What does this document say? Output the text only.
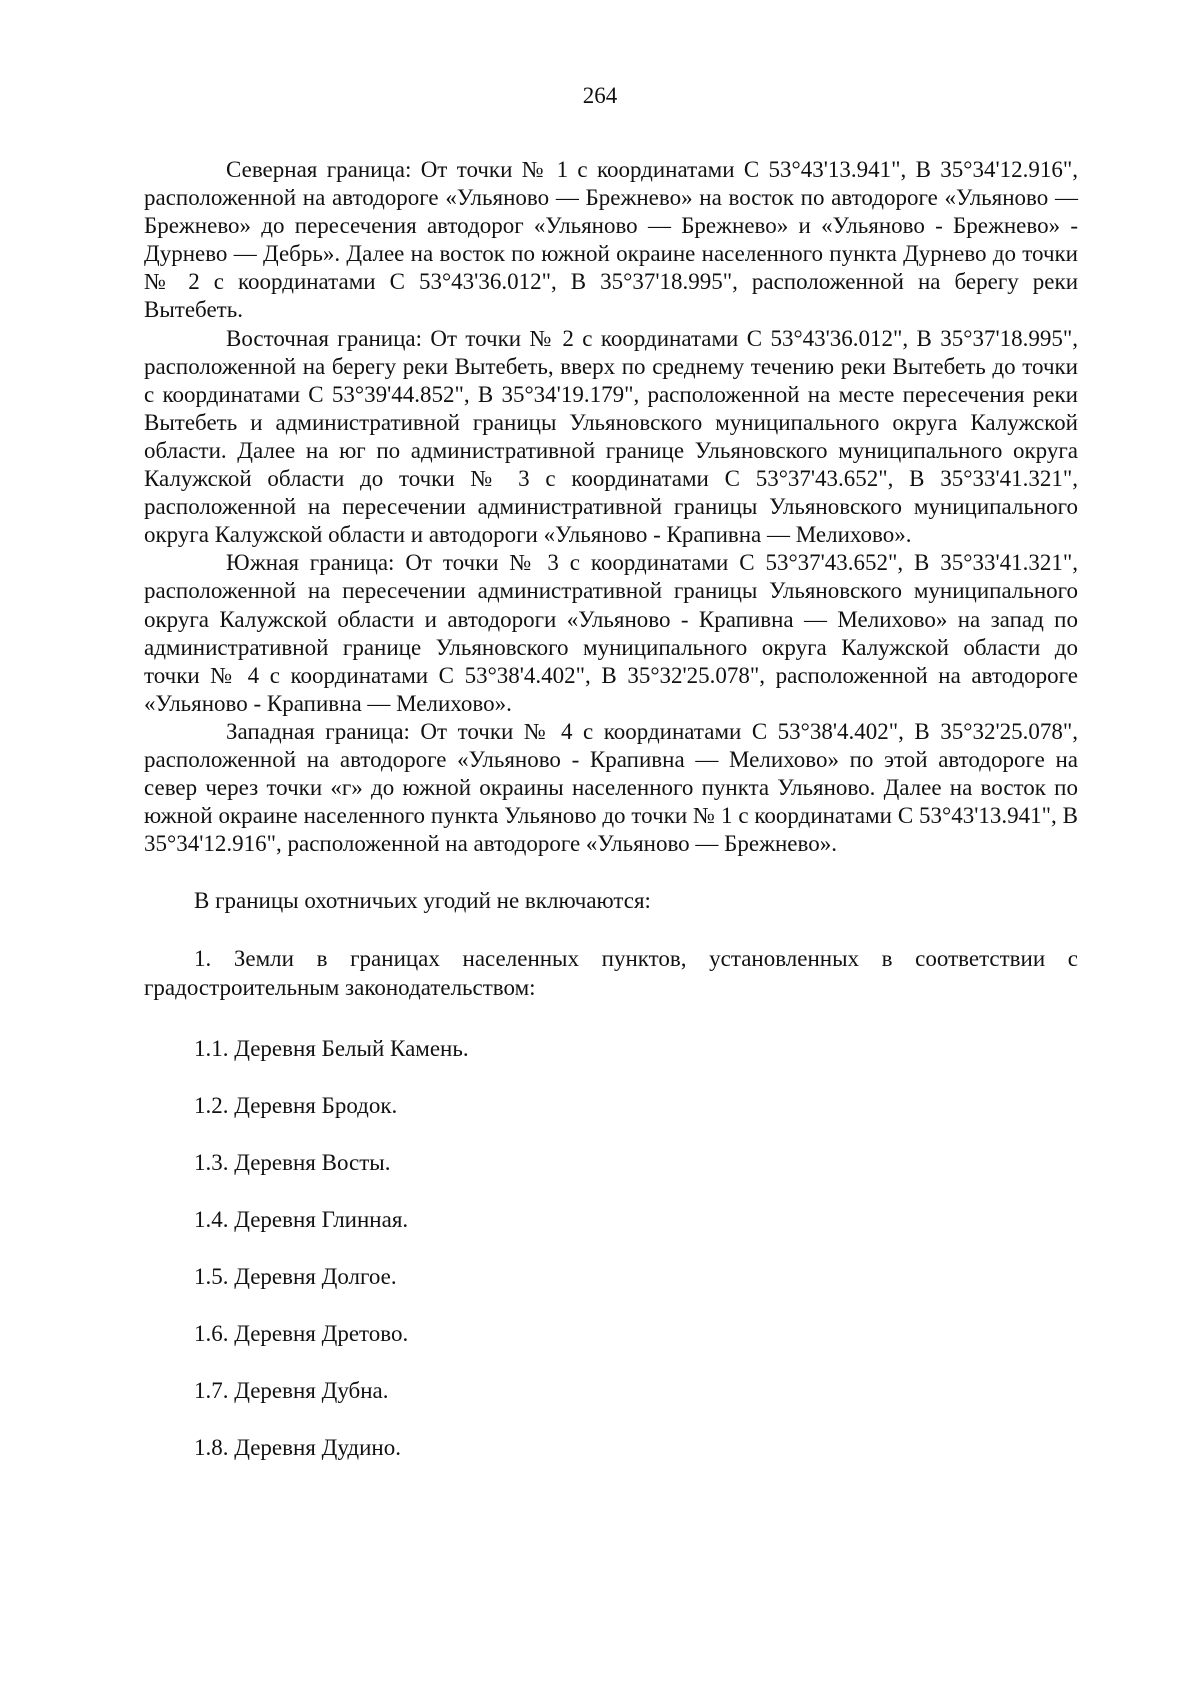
264

Северная граница: От точки № 1 с координатами С 53°43'13.941", В 35°34'12.916", расположенной на автодороге «Ульяново — Брежнево» на восток по автодороге «Ульяново — Брежнево» до пересечения автодорог «Ульяново — Брежнево» и «Ульяново - Брежнево» - Дурнево — Дебрь». Далее на восток по южной окраине населенного пункта Дурнево до точки № 2 с координатами С 53°43'36.012", В 35°37'18.995", расположенной на берегу реки Вытебеть.

Восточная граница: От точки № 2 с координатами С 53°43'36.012", В 35°37'18.995", расположенной на берегу реки Вытебеть, вверх по среднему течению реки Вытебеть до точки с координатами С 53°39'44.852", В 35°34'19.179", расположенной на месте пересечения реки Вытебеть и административной границы Ульяновского муниципального округа Калужской области. Далее на юг по административной границе Ульяновского муниципального округа Калужской области до точки № 3 с координатами С 53°37'43.652", В 35°33'41.321", расположенной на пересечении административной границы Ульяновского муниципального округа Калужской области и автодороги «Ульяново - Крапивна — Мелихово».

Южная граница: От точки № 3 с координатами С 53°37'43.652", В 35°33'41.321", расположенной на пересечении административной границы Ульяновского муниципального округа Калужской области и автодороги «Ульяново - Крапивна — Мелихово» на запад по административной границе Ульяновского муниципального округа Калужской области до точки № 4 с координатами С 53°38'4.402", В 35°32'25.078", расположенной на автодороге «Ульяново - Крапивна — Мелихово».

Западная граница: От точки № 4 с координатами С 53°38'4.402", В 35°32'25.078", расположенной на автодороге «Ульяново - Крапивна — Мелихово» по этой автодороге на север через точки «г» до южной окраины населенного пункта Ульяново. Далее на восток по южной окраине населенного пункта Ульяново до точки № 1 с координатами С 53°43'13.941", В 35°34'12.916", расположенной на автодороге «Ульяново — Брежнево».

В границы охотничьих угодий не включаются:

1. Земли в границах населенных пунктов, установленных в соответствии с градостроительным законодательством:

1.1. Деревня Белый Камень.

1.2. Деревня Бродок.

1.3. Деревня Восты.

1.4. Деревня Глинная.

1.5. Деревня Долгое.

1.6. Деревня Дретово.

1.7. Деревня Дубна.

1.8. Деревня Дудино.
